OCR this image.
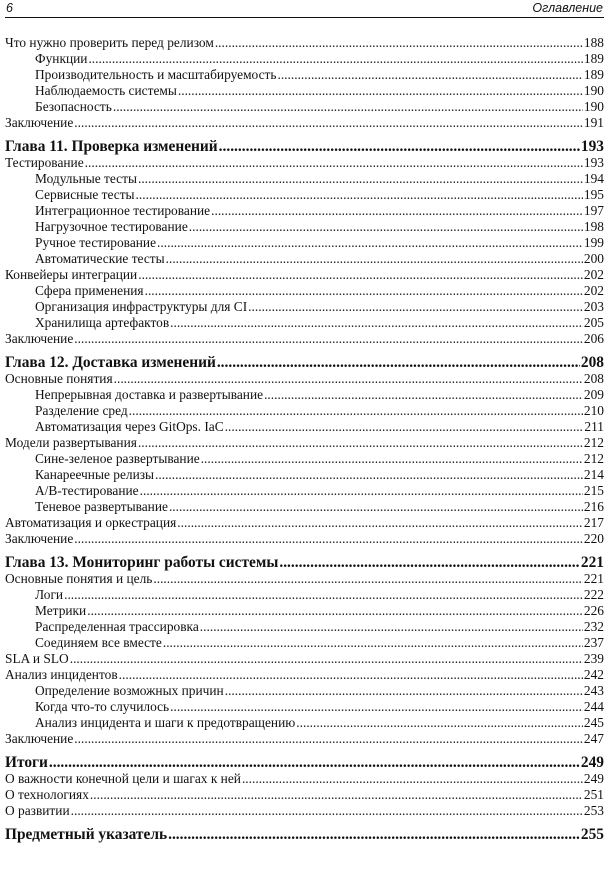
6	Оглавление
Что нужно проверить перед релизом .....	188
Функции .....	189
Производительность и масштабируемость .....	189
Наблюдаемость системы .....	190
Безопасность .....	190
Заключение .....	191
Глава 11. Проверка изменений .....	193
Тестирование .....	193
Модульные тесты .....	194
Сервисные тесты .....	195
Интеграционное тестирование .....	197
Нагрузочное тестирование .....	198
Ручное тестирование .....	199
Автоматические тесты .....	200
Конвейеры интеграции .....	202
Сфера применения .....	202
Организация инфраструктуры для CI .....	203
Хранилища артефактов .....	205
Заключение .....	206
Глава 12. Доставка изменений .....	208
Основные понятия .....	208
Непрерывная доставка и развертывание .....	209
Разделение сред .....	210
Автоматизация через GitOps. IaC .....	211
Модели развертывания .....	212
Сине-зеленое развертывание .....	212
Канареечные релизы .....	214
A/B-тестирование .....	215
Теневое развертывание .....	216
Автоматизация и оркестрация .....	217
Заключение .....	220
Глава 13. Мониторинг работы системы .....	221
Основные понятия и цель .....	221
Логи .....	222
Метрики .....	226
Распределенная трассировка .....	232
Соединяем все вместе .....	237
SLA и SLO .....	239
Анализ инцидентов .....	242
Определение возможных причин .....	243
Когда что-то случилось .....	244
Анализ инцидента и шаги к предотвращению .....	245
Заключение .....	247
Итоги .....	249
О важности конечной цели и шагах к ней .....	249
О технологиях .....	251
О развитии .....	253
Предметный указатель .....	255
